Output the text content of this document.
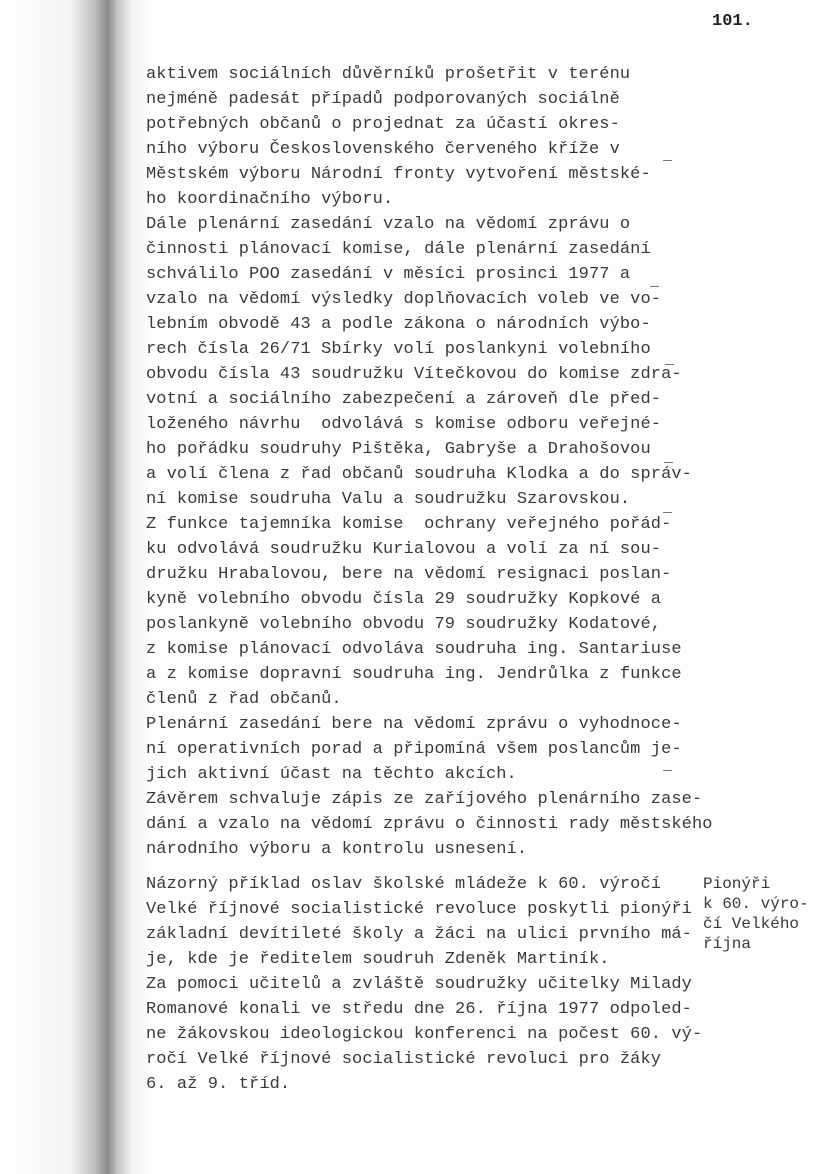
101.
aktivem sociálních důvěrníků prošetřit v terénu
nejméně padesát případů podporovaných sociálně
potřebných občanů o projednat za účastí okres-
ního výboru Československého červeného kříže v
Městském výboru Národní fronty vytvoření městské-
ho koordinačního výboru.
Dále plenární zasedání vzalo na vědomí zprávu o
činnosti plánovací komise, dále plenární zasedání
schválilo POO zasedání v měsíci prosinci 1977 a
vzalo na vědomí výsledky doplňovacích voleb ve vo-
lebním obvodě 43 a podle zákona o národních výbo-
rech čísla 26/71 Sbírky volí poslankyni volebního
obvodu čísla 43 soudružku Vítečkovou do komise zdra-
votní a sociálního zabezpečení a zároveň dle před-
loženého návrhu  odvolává s komise odboru veřejné-
ho pořádku soudruhy Pištěka, Gabryše a Drahošovou
a volí člena z řad občanů soudruha Klodka a do správ-
ní komise soudruha Valu a soudružku Szarovskou.
Z funkce tajemníka komise  ochrany veřejného pořád-
ku odvolává soudružku Kurialovou a volí za ní sou-
družku Hrabalovou, bere na vědomí resignaci poslan-
kyně volebního obvodu čísla 29 soudružky Kopkové a
poslankyně volebního obvodu 79 soudružky Kodatové,
z komise plánovací odvoláva soudruha ing. Santariuse
a z komise dopravní soudruha ing. Jendrůlka z funkce
členů z řad občanů.
Plenární zasedání bere na vědomí zprávu o vyhodnoce-
ní operativních porad a připomíná všem poslancům je-
jich aktivní účast na těchto akcích.
Závěrem schvaluje zápis ze zaříjového plenárního zase-
dání a vzalo na vědomí zprávu o činnosti rady městského
národního výboru a kontrolu usnesení.
Názorný příklad oslav školské mládeže k 60. výročí
Velké říjnové socialistické revoluce poskytli pionýři
základní devítileté školy a žáci na ulici prvního má-
je, kde je ředitelem soudruh Zdeněk Martiník.
Za pomoci učitelů a zvláště soudružky učitelky Milady
Romanové konali ve středu dne 26. října 1977 odpoled-
ne žákovskou ideologickou konferenci na počest 60. vý-
ročí Velké říjnové socialistické revoluci pro žáky
6. až 9. tříd.
Pionýři
k 60. výro-
čí Velkého
října
